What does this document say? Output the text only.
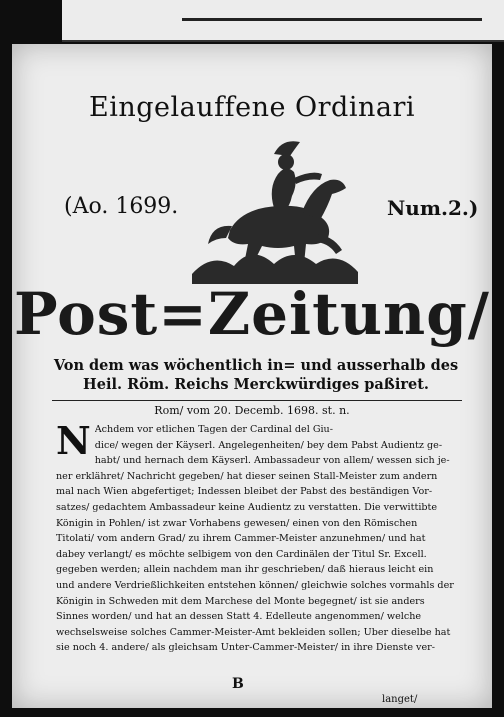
Eingelauffene Ordinari
(Ao. 1699.	Num.2.)
Post=Zeitung/
Von dem was wöchentlich in= und ausserhalb des
Heil. Röm. Reichs Merckwürdiges paßiret.
Rom/ vom 20. Decemb. 1698. st. n.
N Achdem vor etlichen Tagen der Cardinal del Giu-
dice/ wegen der Käyserl. Angelegenheiten/ bey dem Pabst Audientz ge-
habt/ und hernach dem Käyserl. Ambassadeur von allem/ wessen sich je-
ner erklähret/ Nachricht gegeben/ hat dieser seinen Stall-Meister zum andern
mal nach Wien abgefertiget; Indessen bleibet der Pabst des beständigen Vor-
satzes/ gedachtem Ambassadeur keine Audientz zu verstatten. Die verwittibte
Königin in Pohlen/ ist zwar Vorhabens gewesen/ einen von den Römischen
Titolati/ vom andern Grad/ zu ihrem Cammer-Meister anzunehmen/ und hat
dabey verlangt/ es möchte selbigem von den Cardinälen der Titul Sr. Excell.
gegeben werden; allein nachdem man ihr geschrieben/ daß hieraus leicht ein
und andere Verdrießlichkeiten entstehen können/ gleichwie solches vormahls der
Königin in Schweden mit dem Marchese del Monte begegnet/ ist sie anders
Sinnes worden/ und hat an dessen Statt 4. Edelleute angenommen/ welche
wechselsweise solches Cammer-Meister-Amt bekleiden sollen; Uber dieselbe hat
sie noch 4. andere/ als gleichsam Unter-Cammer-Meister/ in ihre Dienste ver-
B
langet/
